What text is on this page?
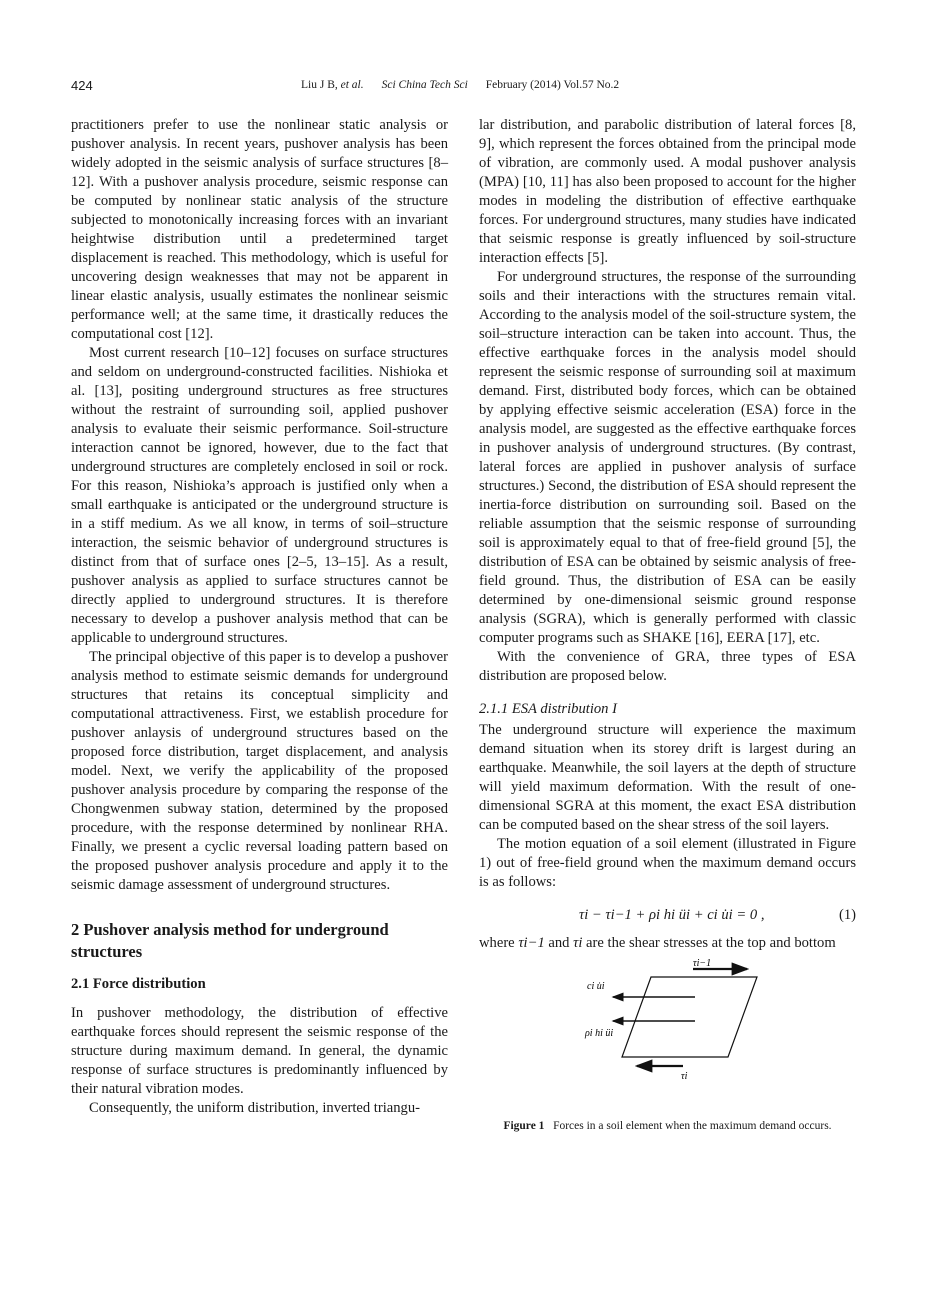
424	Liu J B, et al. Sci China Tech Sci February (2014) Vol.57 No.2

practitioners prefer to use the nonlinear static analysis or pushover analysis. In recent years, pushover analysis has been widely adopted in the seismic analysis of surface structures [8–12]. With a pushover analysis procedure, seismic response can be computed by nonlinear static analysis of the structure subjected to monotonically increasing forces with an invariant heightwise distribution until a predetermined target displacement is reached. This methodology, which is useful for uncovering design weaknesses that may not be apparent in linear elastic analysis, usually estimates the nonlinear seismic performance well; at the same time, it drastically reduces the computational cost [12].

Most current research [10–12] focuses on surface structures and seldom on underground-constructed facilities. Nishioka et al. [13], positing underground structures as free structures without the restraint of surrounding soil, applied pushover analysis to evaluate their seismic performance. Soil-structure interaction cannot be ignored, however, due to the fact that underground structures are completely enclosed in soil or rock. For this reason, Nishioka’s approach is justified only when a small earthquake is anticipated or the underground structure is in a stiff medium. As we all know, in terms of soil–structure interaction, the seismic behavior of underground structures is distinct from that of surface ones [2–5, 13–15]. As a result, pushover analysis as applied to surface structures cannot be directly applied to underground structures. It is therefore necessary to develop a pushover analysis method that can be applicable to underground structures.

The principal objective of this paper is to develop a pushover analysis method to estimate seismic demands for underground structures that retains its conceptual simplicity and computational attractiveness. First, we establish procedure for pushover anlaysis of underground structures based on the proposed force distribution, target displacement, and analysis model. Next, we verify the applicability of the proposed pushover analysis procedure by comparing the response of the Chongwenmen subway station, determined by the proposed procedure, with the response determined by nonlinear RHA. Finally, we present a cyclic reversal loading pattern based on the proposed pushover analysis procedure and apply it to the seismic damage assessment of underground structures.

2 Pushover analysis method for underground structures
2.1 Force distribution

In pushover methodology, the distribution of effective earthquake forces should represent the seismic response of the structure during maximum demand. In general, the dynamic response of surface structures is predominantly influenced by their natural vibration modes.

Consequently, the uniform distribution, inverted triangu-

lar distribution, and parabolic distribution of lateral forces [8, 9], which represent the forces obtained from the principal mode of vibration, are commonly used. A modal pushover analysis (MPA) [10, 11] has also been proposed to account for the higher modes in modeling the distribution of effective earthquake forces. For underground structures, many studies have indicated that seismic response is greatly influenced by soil-structure interaction effects [5].

For underground structures, the response of the surrounding soils and their interactions with the structures remain vital. According to the analysis model of the soil-structure system, the soil–structure interaction can be taken into account. Thus, the effective earthquake forces in the analysis model should represent the seismic response of surrounding soil at maximum demand. First, distributed body forces, which can be obtained by applying effective seismic acceleration (ESA) force in the analysis model, are suggested as the effective earthquake forces in pushover analysis of underground structures. (By contrast, lateral forces are applied in pushover analysis of surface structures.) Second, the distribution of ESA should represent the inertia-force distribution on surrounding soil. Based on the reliable assumption that the seismic response of surrounding soil is approximately equal to that of free-field ground [5], the distribution of ESA can be obtained by seismic analysis of free-field ground. Thus, the distribution of ESA can be easily determined by one-dimensional seismic ground response analysis (SGRA), which is generally performed with classic computer programs such as SHAKE [16], EERA [17], etc.

With the convenience of GRA, three types of ESA distribution are proposed below.

2.1.1 ESA distribution I

The underground structure will experience the maximum demand situation when its storey drift is largest during an earthquake. Meanwhile, the soil layers at the depth of structure will yield maximum deformation. With the result of one-dimensional SGRA at this moment, the exact ESA distribution can be computed based on the shear stress of the soil layers.

The motion equation of a soil element (illustrated in Figure 1) out of free-field ground when the maximum demand occurs is as follows:

τi − τi−1 + ρi hi üi + ci u̇i = 0 ,	(1)

where τi−1 and τi are the shear stresses at the top and bottom

τi−1
ci u̇i
ρi hi üi
τi
Figure 1 Forces in a soil element when the maximum demand occurs.
